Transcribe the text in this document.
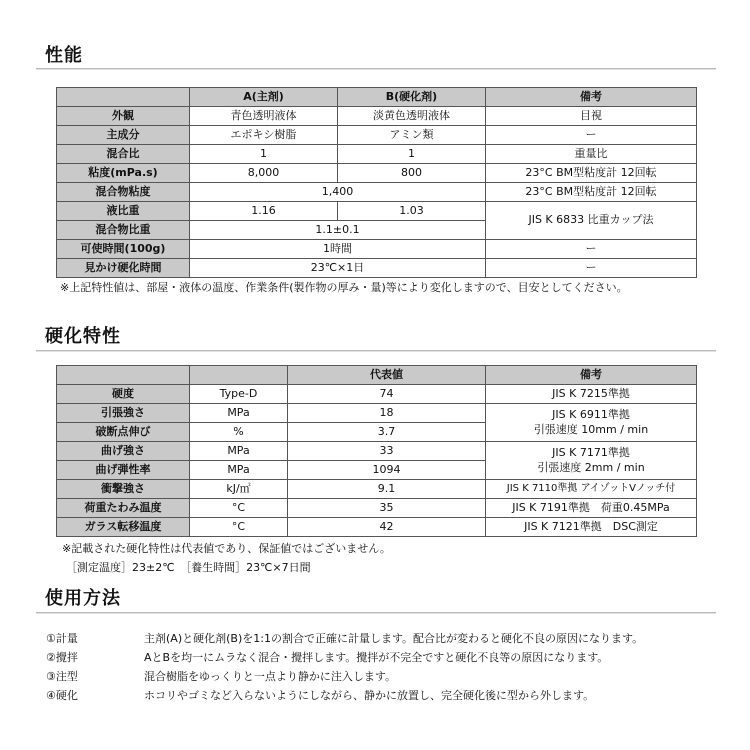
性能
	A(主剤)	B(硬化剤)	備考
外観	青色透明液体	淡黄色透明液体	目視
主成分	エポキシ樹脂	アミン類	ー
混合比	1	1	重量比
粘度(mPa.s)	8,000	800	23°C BM型粘度計 12回転
混合物粘度	1,400		23°C BM型粘度計 12回転
液比重	1.16	1.03	JIS K 6833 比重カップ法
混合物比重	1.1±0.1		
可使時間(100g)	1時間		ー
見かけ硬化時間	23℃×1日		ー
※上記特性値は、部屋・液体の温度、作業条件(製作物の厚み・量)等により変化しますので、目安としてください。
硬化特性
		代表値	備考
硬度	Type-D	74	JIS K 7215準拠
引張強さ	MPa	18	JIS K 6911準拠
引張速度 10mm / min

破断点伸び	%	3.7	
曲げ強さ	MPa	33	JIS K 7171準拠
引張速度 2mm / min

曲げ弾性率	MPa	1094	
衝撃強さ	kJ/㎡	9.1	JIS K 7110準拠 アイゾットVノッチ付
荷重たわみ温度	°C	35	JIS K 7191準拠　荷重0.45MPa
ガラス転移温度	°C	42	JIS K 7121準拠　DSC測定
※記載された硬化特性は代表値であり、保証値ではございません。
［測定温度］23±2℃　［養生時間］23℃×7日間
使用方法
①計量	主剤(A)と硬化剤(B)を1:1の割合で正確に計量します。配合比が変わると硬化不良の原因になります。
②攪拌	AとBを均一にムラなく混合・攪拌します。攪拌が不完全ですと硬化不良等の原因になります。
③注型	混合樹脂をゆっくりと一点より静かに注入します。
④硬化	ホコリやゴミなど入らないようにしながら、静かに放置し、完全硬化後に型から外します。
